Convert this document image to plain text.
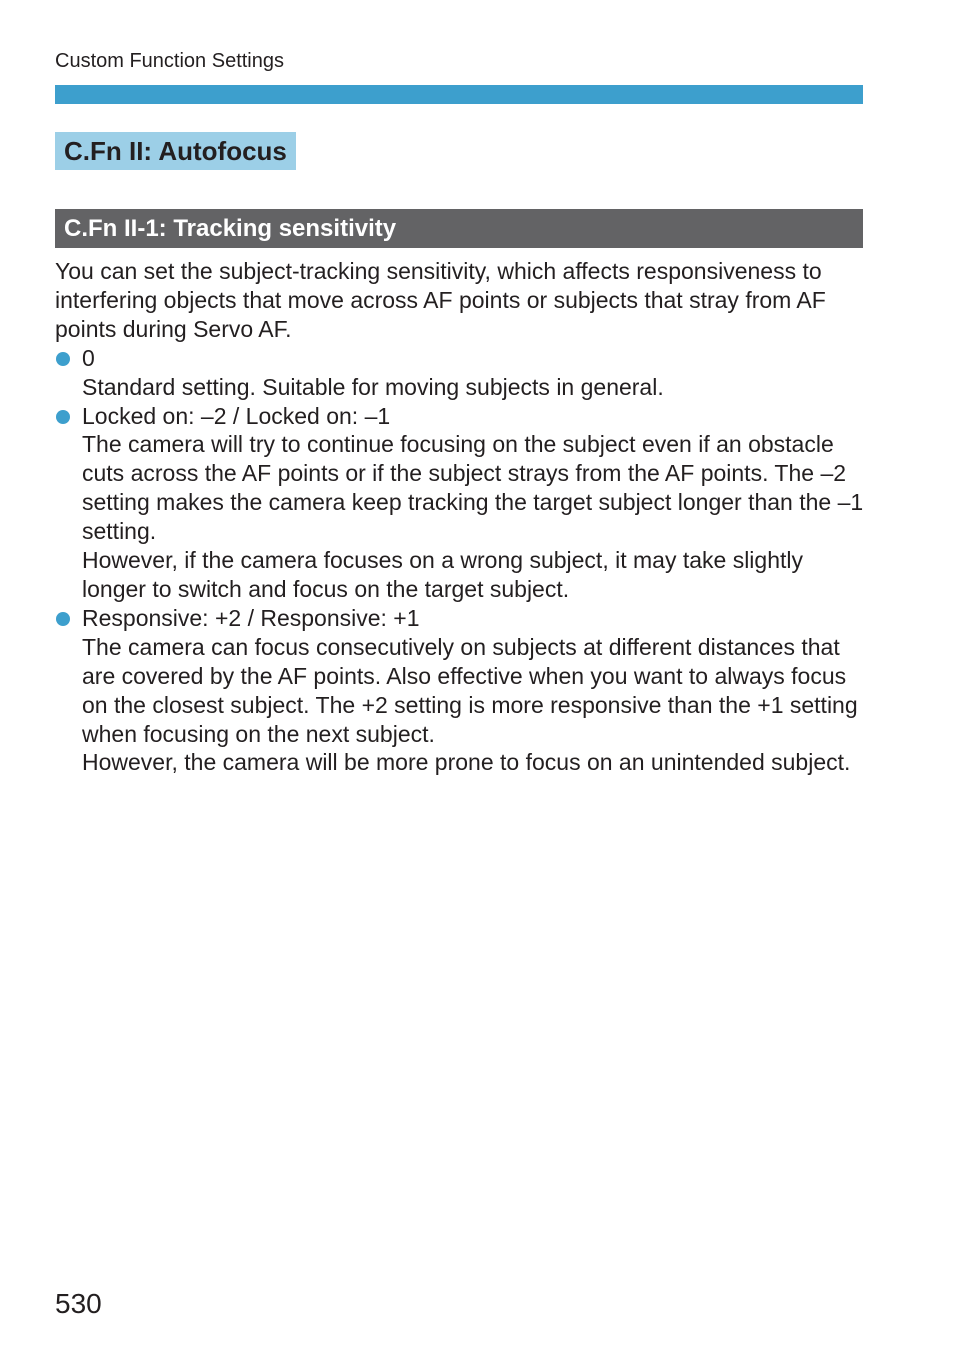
Custom Function Settings
C.Fn II: Autofocus
C.Fn II-1: Tracking sensitivity

You can set the subject-tracking sensitivity, which affects responsiveness to interfering objects that move across AF points or subjects that stray from AF points during Servo AF.

0

Standard setting. Suitable for moving subjects in general.

Locked on: –2 / Locked on: –1

The camera will try to continue focusing on the subject even if an obstacle cuts across the AF points or if the subject strays from the AF points. The –2 setting makes the camera keep tracking the target subject longer than the –1 setting.

However, if the camera focuses on a wrong subject, it may take slightly longer to switch and focus on the target subject.

Responsive: +2 / Responsive: +1

The camera can focus consecutively on subjects at different distances that are covered by the AF points. Also effective when you want to always focus on the closest subject. The +2 setting is more responsive than the +1 setting when focusing on the next subject.

However, the camera will be more prone to focus on an unintended subject.

530
